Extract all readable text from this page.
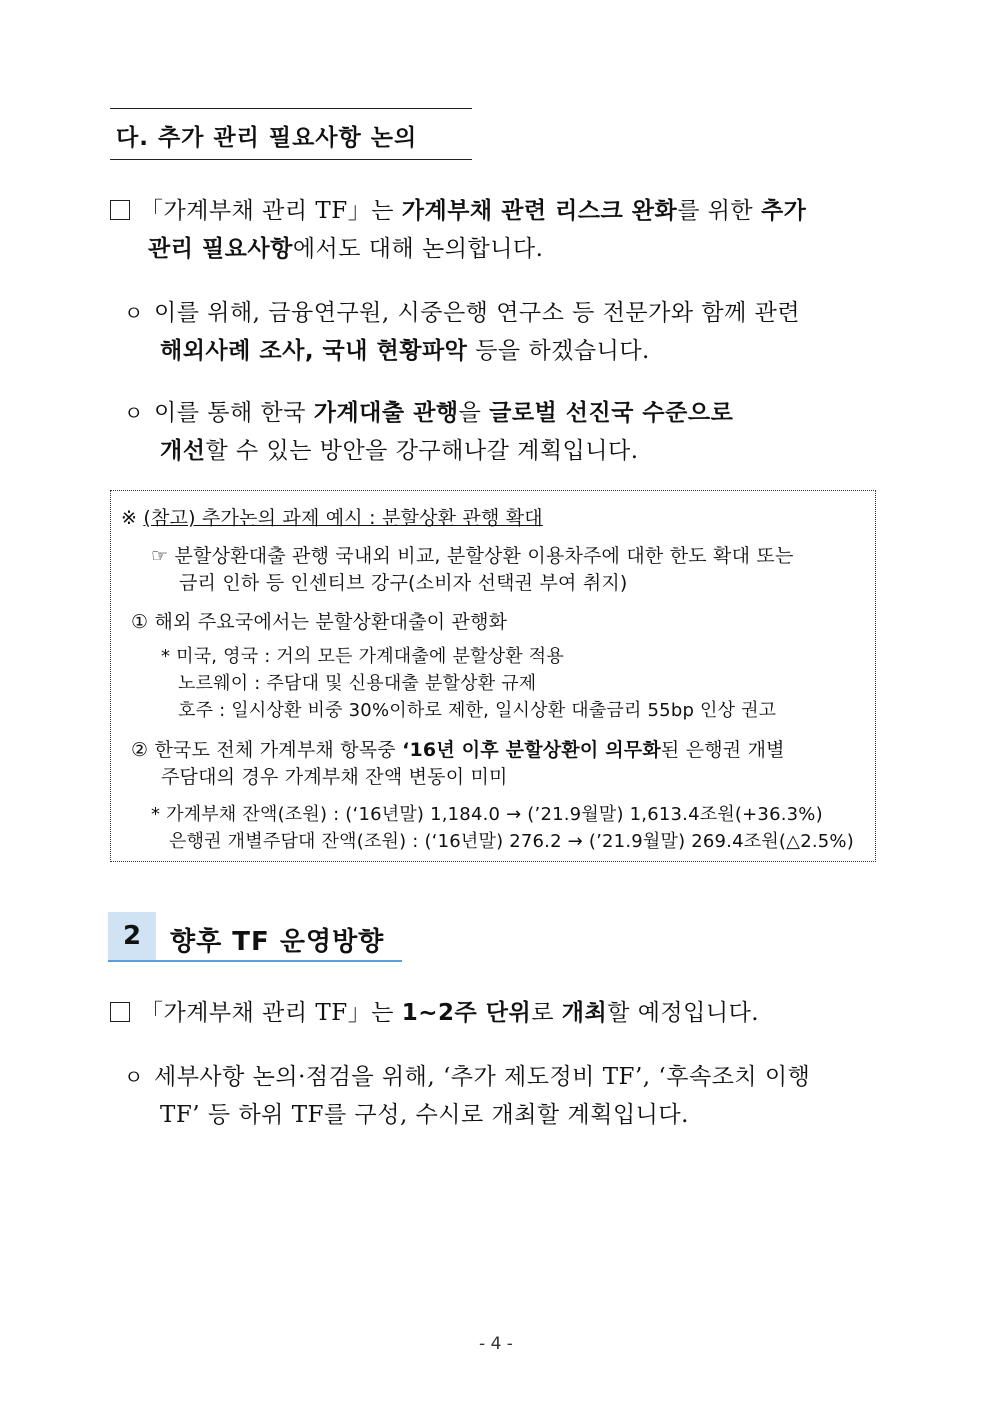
다. 추가 관리 필요사항 논의
「가계부채 관리 TF」는 가계부채 관련 리스크 완화를 위한 추가
관리 필요사항에서도 대해 논의합니다.
ㅇ 이를 위해, 금융연구원, 시중은행 연구소 등 전문가와 함께 관련
해외사례 조사, 국내 현황파악 등을 하겠습니다.
ㅇ 이를 통해 한국 가계대출 관행을 글로벌 선진국 수준으로
개선할 수 있는 방안을 강구해나갈 계획입니다.
※ (참고) 추가논의 과제 예시 : 분할상환 관행 확대
☞ 분할상환대출 관행 국내외 비교, 분할상환 이용차주에 대한 한도 확대 또는
금리 인하 등 인센티브 강구(소비자 선택권 부여 취지)
① 해외 주요국에서는 분할상환대출이 관행화
* 미국, 영국 : 거의 모든 가계대출에 분할상환 적용
노르웨이 : 주담대 및 신용대출 분할상환 규제
호주 : 일시상환 비중 30%이하로 제한, 일시상환 대출금리 55bp 인상 권고
② 한국도 전체 가계부채 항목중 ‘16년 이후 분할상환이 의무화된 은행권 개별
주담대의 경우 가계부채 잔액 변동이 미미
* 가계부채 잔액(조원) : (‘16년말) 1,184.0 → (’21.9월말) 1,613.4조원(+36.3%)
은행권 개별주담대 잔액(조원) : (‘16년말) 276.2 → (’21.9월말) 269.4조원(△2.5%)
2	향후 TF 운영방향
「가계부채 관리 TF」는 1~2주 단위로 개최할 예정입니다.
ㅇ 세부사항 논의·점검을 위해, ‘추가 제도정비 TF’, ‘후속조치 이행
TF’ 등 하위 TF를 구성, 수시로 개최할 계획입니다.
- 4 -
